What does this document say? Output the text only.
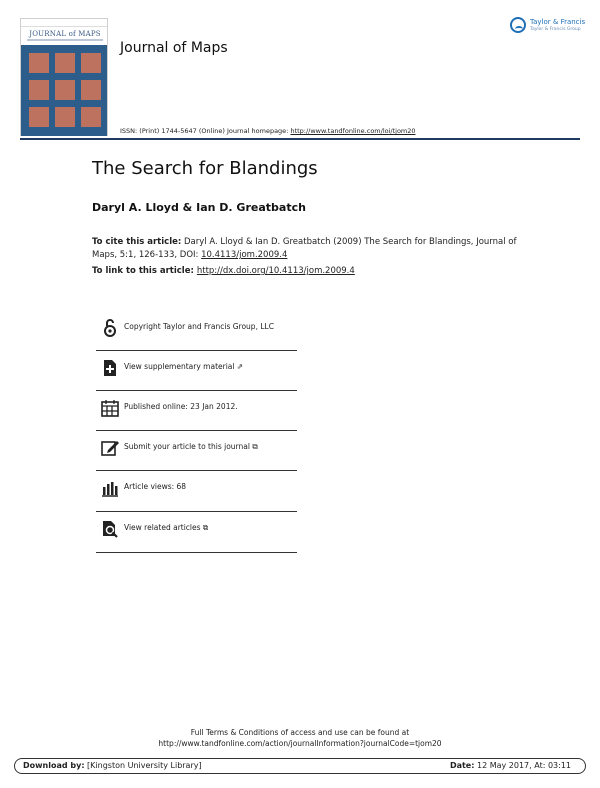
JOURNAL of MAPS
Journal of Maps
ISSN: (Print) 1744-5647 (Online) Journal homepage: http://www.tandfonline.com/loi/tjom20
Taylor & Francis
Taylor & Francis Group
The Search for Blandings
Daryl A. Lloyd & Ian D. Greatbatch
To cite this article: Daryl A. Lloyd & Ian D. Greatbatch (2009) The Search for Blandings, Journal of Maps, 5:1, 126-133, DOI: 10.4113/jom.2009.4
To link to this article: http://dx.doi.org/10.4113/jom.2009.4
Copyright Taylor and Francis Group, LLC
View supplementary material ⇗
Published online: 23 Jan 2012.
Submit your article to this journal ⧉
Article views: 68
View related articles ⧉
Full Terms & Conditions of access and use can be found at
http://www.tandfonline.com/action/journalInformation?journalCode=tjom20
Download by: [Kingston University Library]	Date: 12 May 2017, At: 03:11
